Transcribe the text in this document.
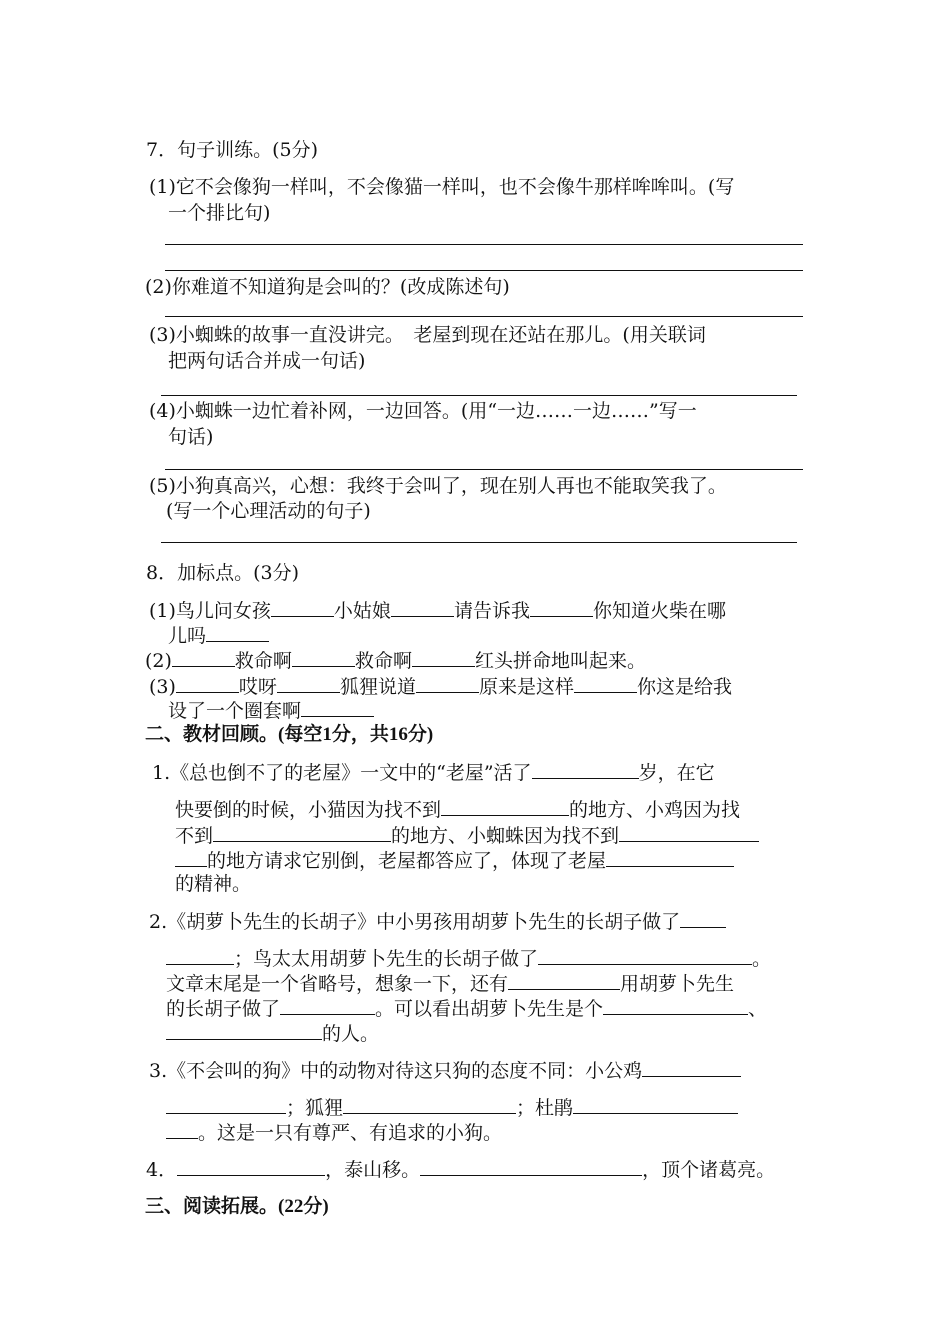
7．句子训练。(5分)
(1)它不会像狗一样叫，不会像猫一样叫，也不会像牛那样哞哞叫。(写
一个排比句)
(2)你难道不知道狗是会叫的？(改成陈述句)
(3)小蜘蛛的故事一直没讲完。　老屋到现在还站在那儿。(用关联词
把两句话合并成一句话)
(4)小蜘蛛一边忙着补网，一边回答。(用“一边……一边……”写一
句话)
(5)小狗真高兴，心想：我终于会叫了，现在别人再也不能取笑我了。
(写一个心理活动的句子)
8．加标点。(3分)
(1)鸟儿问女孩	小姑娘	请告诉我	你知道火柴在哪
儿吗
(2)	救命啊	救命啊	红头拼命地叫起来。
(3)	哎呀	狐狸说道	原来是这样	你这是给我
设了一个圈套啊
二、教材回顾。(每空1分，共16分)
1.《总也倒不了的老屋》一文中的“老屋”活了	岁，在它
快要倒的时候，小猫因为找不到	的地方、小鸡因为找
不到	的地方、小蜘蛛因为找不到
的地方请求它别倒，老屋都答应了，体现了老屋
的精神。
2.《胡萝卜先生的长胡子》中小男孩用胡萝卜先生的长胡子做了
；鸟太太用胡萝卜先生的长胡子做了	。
文章末尾是一个省略号，想象一下，还有	用胡萝卜先生
的长胡子做了	。可以看出胡萝卜先生是个	、
的人。
3.《不会叫的狗》中的动物对待这只狗的态度不同：小公鸡
；狐狸	；杜鹃
。这是一只有尊严、有追求的小狗。
4．	，泰山移。	，顶个诸葛亮。
三、阅读拓展。(22分)
